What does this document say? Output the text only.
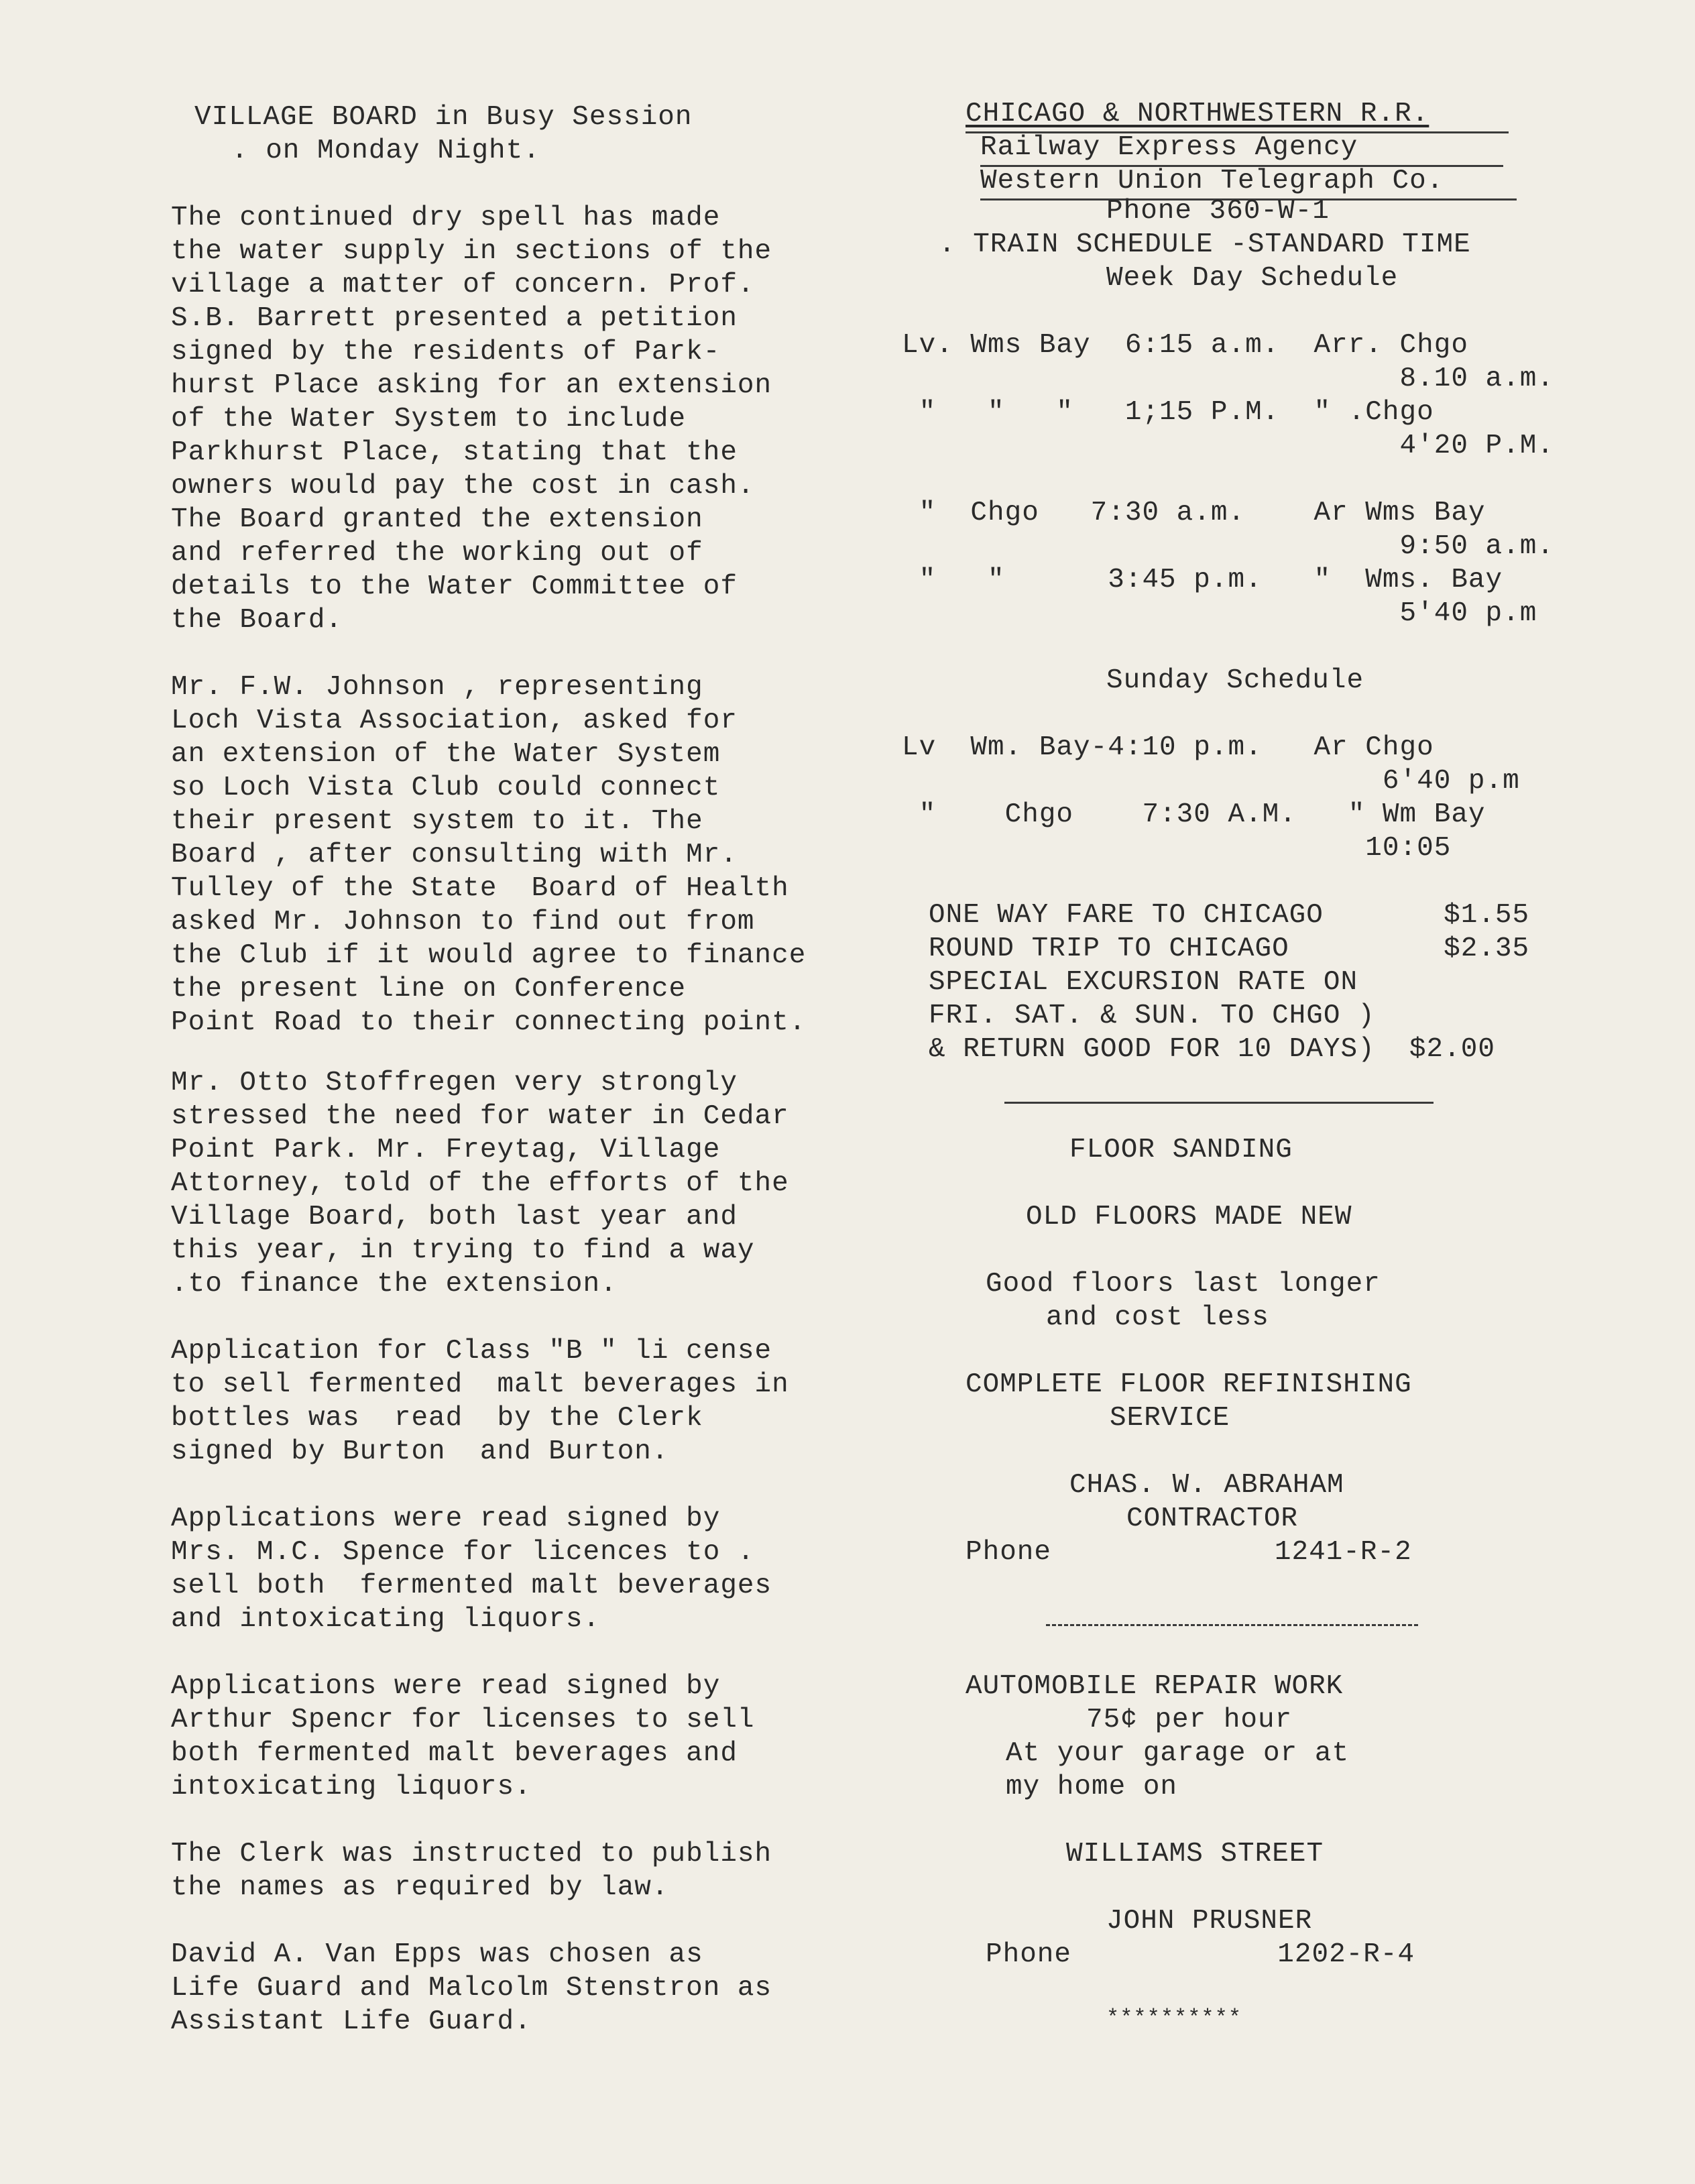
VILLAGE BOARD in Busy Session
. on Monday Night.
The continued dry spell has made
the water supply in sections of the
village a matter of concern. Prof.
S.B. Barrett presented a petition
signed by the residents of Park-
hurst Place asking for an extension
of the Water System to include
Parkhurst Place, stating that the
owners would pay the cost in cash.
The Board granted the extension
and referred the working out of
details to the Water Committee of
the Board.
Mr. F.W. Johnson , representing
Loch Vista Association, asked for
an extension of the Water System
so Loch Vista Club could connect
their present system to it. The
Board , after consulting with Mr.
Tulley of the State  Board of Health
asked Mr. Johnson to find out from
the Club if it would agree to finance
the present line on Conference
Point Road to their connecting point.
Mr. Otto Stoffregen very strongly
stressed the need for water in Cedar
Point Park. Mr. Freytag, Village
Attorney, told of the efforts of the
Village Board, both last year and
this year, in trying to find a way
.to finance the extension.
Application for Class "B " li cense
to sell fermented  malt beverages in
bottles was  read  by the Clerk
signed by Burton  and Burton.
Applications were read signed by
Mrs. M.C. Spence for licences to .
sell both  fermented malt beverages
and intoxicating liquors.
Applications were read signed by
Arthur Spencr for licenses to sell
both fermented malt beverages and
intoxicating liquors.
The Clerk was instructed to publish
the names as required by law.
David A. Van Epps was chosen as
Life Guard and Malcolm Stenstron as
Assistant Life Guard.
CHICAGO & NORTHWESTERN R.R.
Railway Express Agency
Western Union Telegraph Co.
Phone 360-W-1
. TRAIN SCHEDULE -STANDARD TIME
Week Day Schedule
Lv. Wms Bay  6:15 a.m.  Arr. Chgo
8.10 a.m.
"   "   "   1;15 P.M.  " .Chgo
4'20 P.M.
"  Chgo   7:30 a.m.    Ar Wms Bay
9:50 a.m.
"   "      3:45 p.m.   "  Wms. Bay
5'40 p.m
Sunday Schedule
Lv  Wm. Bay-4:10 p.m.   Ar Chgo
6'40 p.m
"    Chgo    7:30 A.M.   " Wm Bay
10:05
ONE WAY FARE TO CHICAGO       $1.55
ROUND TRIP TO CHICAGO         $2.35
SPECIAL EXCURSION RATE ON
FRI. SAT. & SUN. TO CHGO )
& RETURN GOOD FOR 10 DAYS)  $2.00
FLOOR SANDING
OLD FLOORS MADE NEW
Good floors last longer
and cost less
COMPLETE FLOOR REFINISHING
SERVICE
CHAS. W. ABRAHAM
CONTRACTOR
Phone             1241-R-2
AUTOMOBILE REPAIR WORK
75¢ per hour
At your garage or at
my home on
WILLIAMS STREET
JOHN PRUSNER
Phone            1202-R-4
**********
